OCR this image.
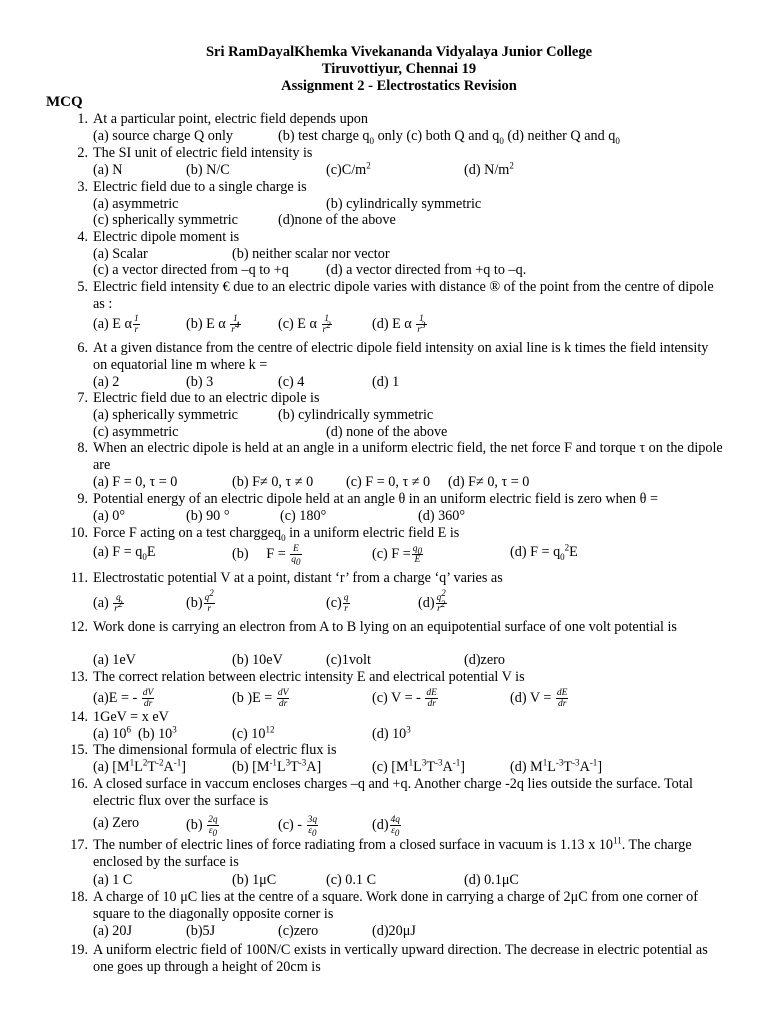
Sri RamDayalKhemka Vivekananda Vidyalaya Junior College
Tiruvottiyur, Chennai 19
Assignment 2 - Electrostatics Revision
MCQ
1. At a particular point, electric field depends upon
(a) source charge Q only	(b) test charge $q_0$ only (c) both Q and $q_0$ (d) neither Q and $q_0$
2. The SI unit of electric field intensity is
(a) N	(b) N/C	$(c)C/m^2$	(d) $N/m^2$
3. Electric field due to a single charge is
(a) asymmetric	(b) cylindrically symmetric
(c) spherically symmetric	(d)none of the above
4. Electric dipole moment is
(a) Scalar	(b) neither scalar nor vector
(c) a vector directed from –q to +q	(d) a vector directed from +q to –q.
5. Electric field intensity € due to an electric dipole varies with distance ® of the point from the centre of dipole as :
(a) E α $\frac{1}{r}$	(b) E α $\frac{1}{r^4}$	(c) E α $\frac{1}{r^2}$	(d) E α $\frac{1}{r^3}$
6. At a given distance from the centre of electric dipole field intensity on axial line is k times the field intensity on equatorial line m where k =
(a) 2	(b) 3	(c) 4	(d) 1
7. Electric field due to an electric dipole is
(a) spherically symmetric	(b) cylindrically symmetric
(c) asymmetric	(d) none of the above
8. When an electric dipole is held at an angle in a uniform electric field, the net force F and torque τ on the dipole are
(a) F = 0, τ = 0	(b) F≠ 0, τ ≠ 0 (c) F = 0, τ ≠ 0 (d) F≠ 0, τ = 0
9. Potential energy of an electric dipole held at an angle θ in an uniform electric field is zero when θ =
(a) 0°	(b) 90 °	(c) 180°	(d) 360°
10. Force F acting on a test charggeq$_0$ in a uniform electric field E is
(a) $F = q_0E$	(b)     $F = \frac{E}{q_0}$	(c) $F = \frac{q_0}{E}$	(d) $F = q_0^2E$
11. Electrostatic potential V at a point, distant ‘r’ from a charge ‘q’ varies as
$(a) \frac{q}{r^2}$	$(b) \frac{q^2}{r}$	$(c) \frac{q}{r}$	$(d) \frac{q^2}{r^2}$
12. Work done is carrying an electron from A to B lying on an equipotential surface of one volt potential is
(a) 1eV	(b) 10eV	(c)1volt	(d)zero
13. The correct relation between electric intensity E and electrical potential V is
(a)E = - $\frac{dV}{dr}$	(b )$E = \frac{dV}{dr}$	(c) V = - $\frac{dE}{dr}$	(d) $V = \frac{dE}{dr}$
14. 1GeV = x eV
(a) $10^6$ (b) $10^3$	(c) $10^{12}$	(d) $10^3$
15. The dimensional formula of electric flux is
(a) $[M^1L^2T^{-2}A^{-1}]$	(b) $[M^{-1}L^3T^{-3}A]$	(c) $[M^1L^3T^{-3}A^{-1}]$	(d) $M^1L^{-3}T^{-3}A^{-1}$]
16. A closed surface in vaccum encloses charges –q and +q. Another charge -2q lies outside the surface. Total electric flux over the surface is
(a) Zero	$(b) \frac{2q}{\varepsilon_0}$	$(c) - \frac{3q}{\varepsilon_0}$	$(d) \frac{4q}{\varepsilon_0}$
17. The number of electric lines of force radiating from a closed surface in vacuum is 1.13 x $10^{11}$. The charge enclosed by the surface is
(a) 1 C	(b) 1μC	(c) 0.1 C	(d) 0.1μC
18. A charge of 10 μC lies at the centre of a square. Work done in carrying a charge of 2μC from one corner of square to the diagonally opposite corner is
(a) 20J	(b)5J	(c)zero	(d)20μJ
19. A uniform electric field of 100N/C exists in vertically upward direction. The decrease in electric potential as one goes up through a height of 20cm is
